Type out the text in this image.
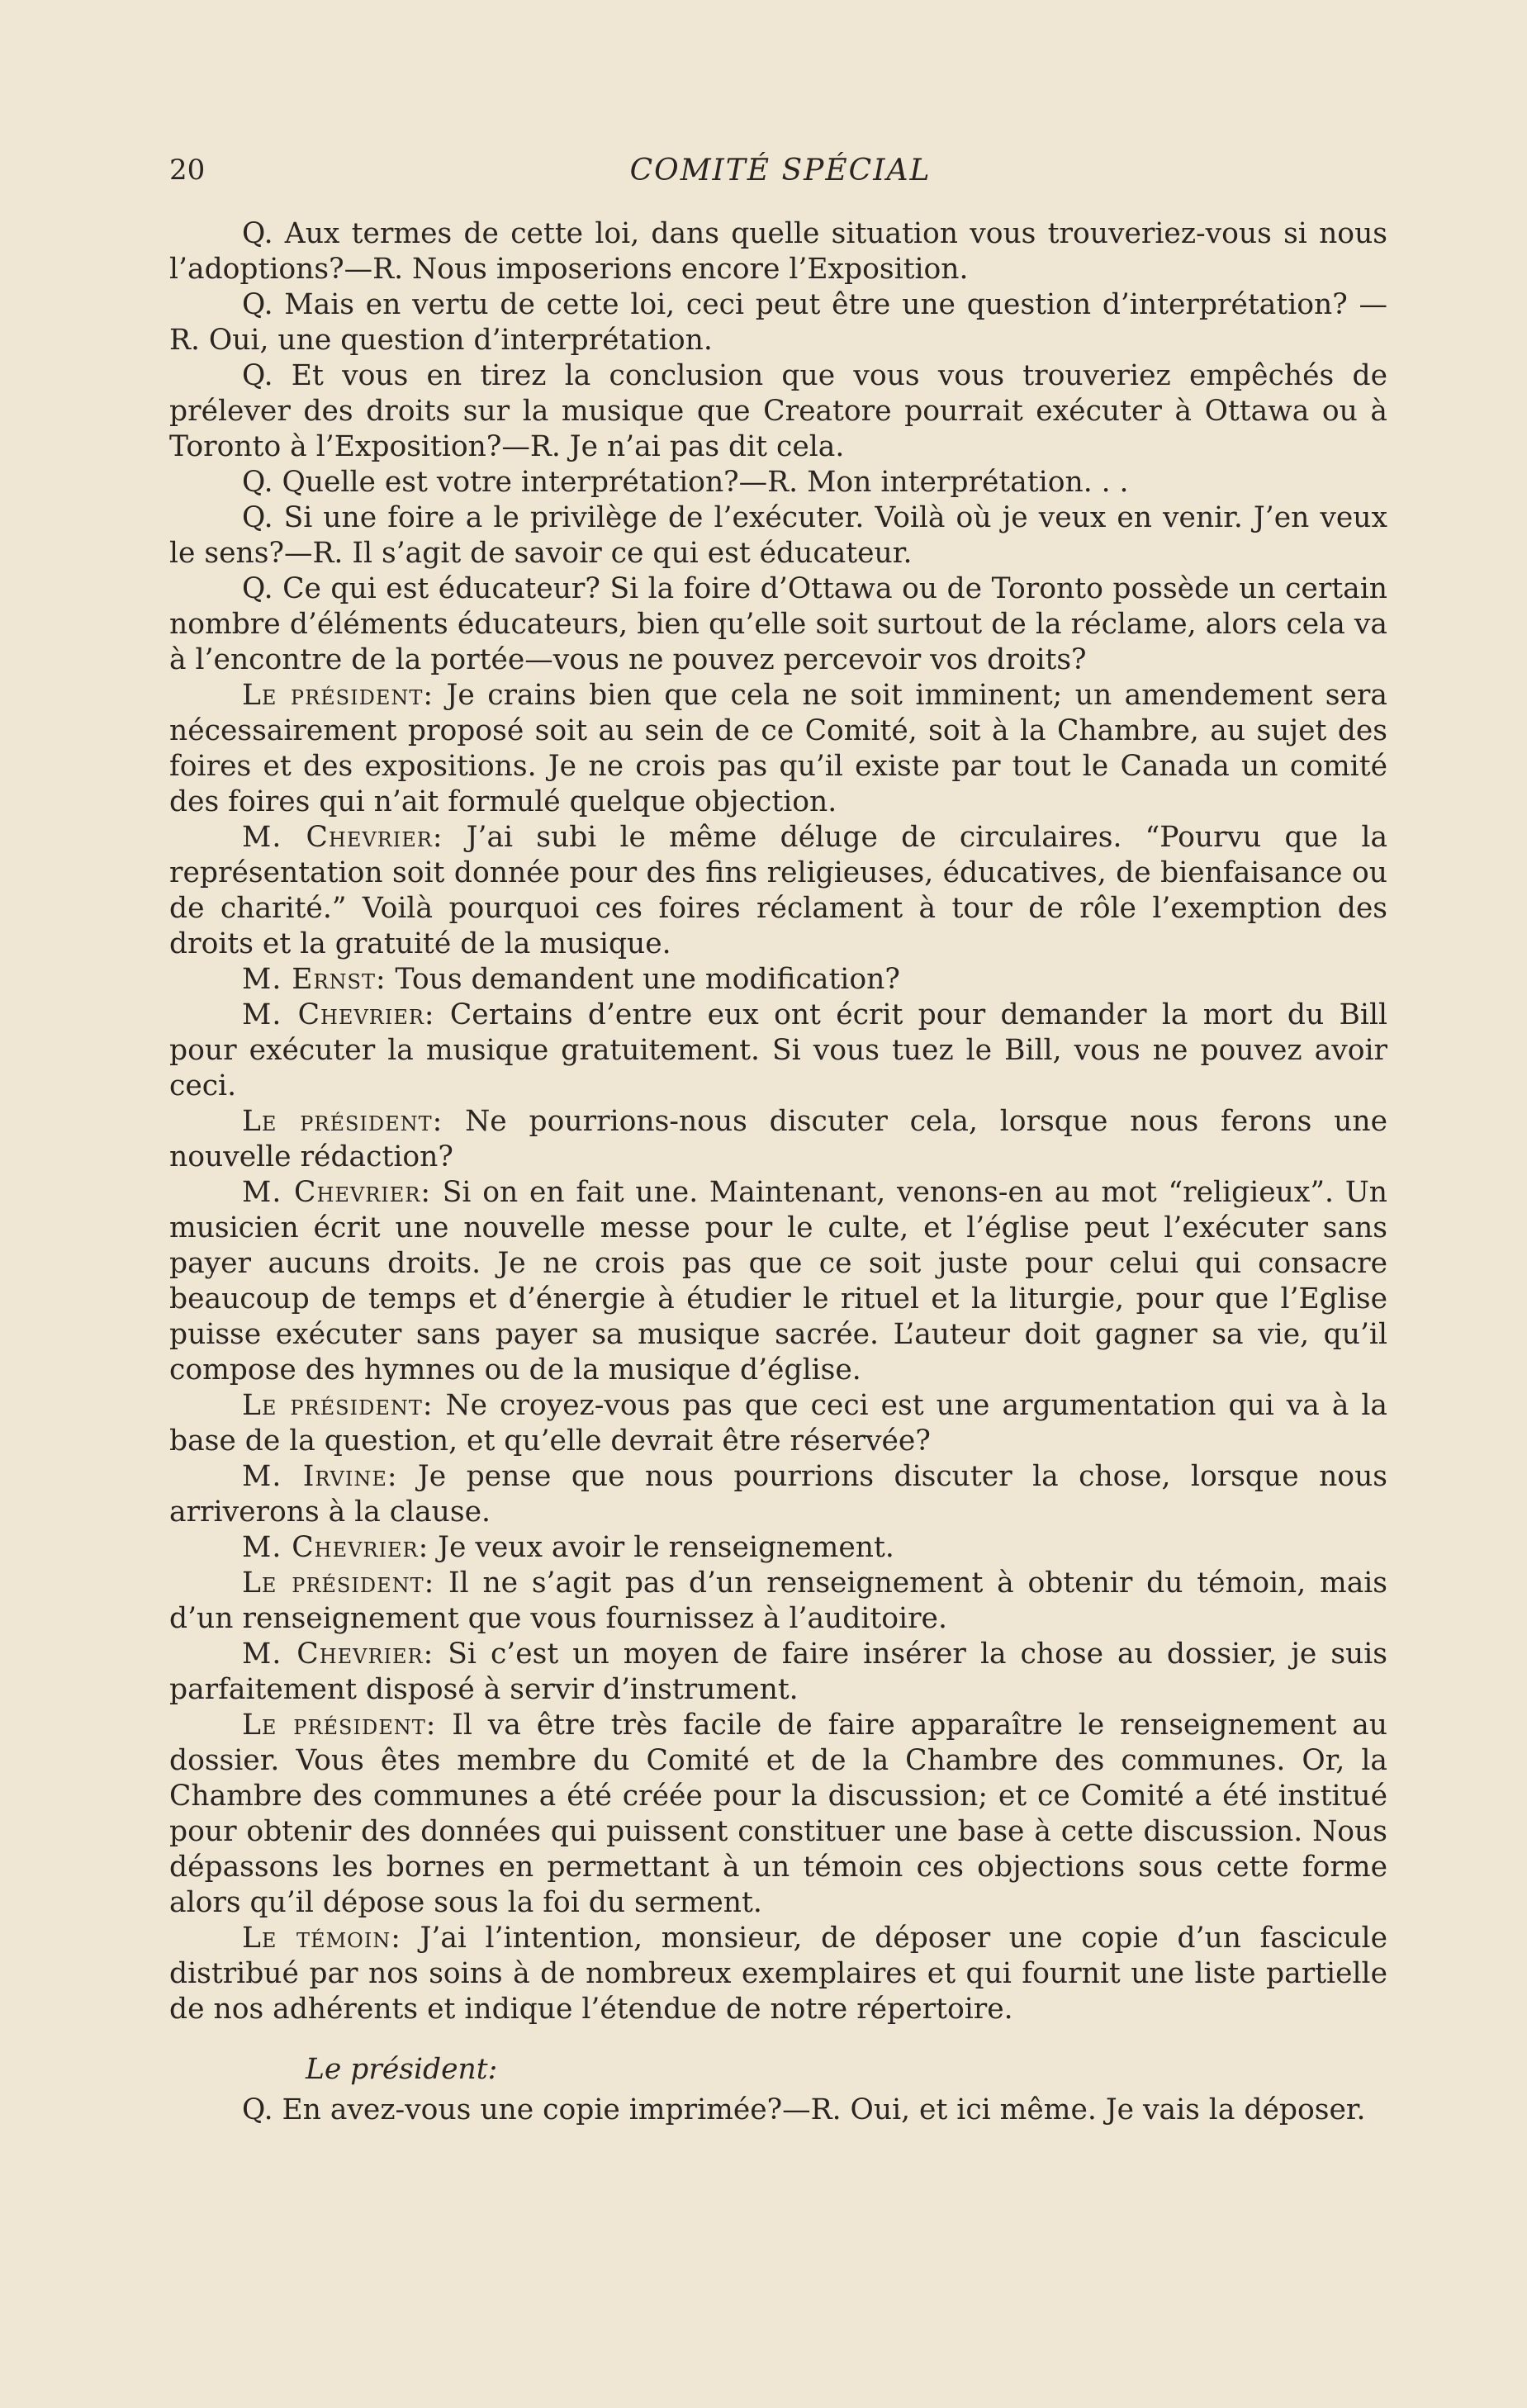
20	COMITÉ SPÉCIAL

Q. Aux termes de cette loi, dans quelle situation vous trouveriez-vous si nous l’adoptions?—R. Nous imposerions encore l’Exposition.

Q. Mais en vertu de cette loi, ceci peut être une question d’interprétation? —R. Oui, une question d’interprétation.

Q. Et vous en tirez la conclusion que vous vous trouveriez empêchés de prélever des droits sur la musique que Creatore pourrait exécuter à Ottawa ou à Toronto à l’Exposition?—R. Je n’ai pas dit cela.

Q. Quelle est votre interprétation?—R. Mon interprétation. . .

Q. Si une foire a le privilège de l’exécuter. Voilà où je veux en venir. J’en veux le sens?—R. Il s’agit de savoir ce qui est éducateur.

Q. Ce qui est éducateur? Si la foire d’Ottawa ou de Toronto possède un certain nombre d’éléments éducateurs, bien qu’elle soit surtout de la réclame, alors cela va à l’encontre de la portée—vous ne pouvez percevoir vos droits?

Le président: Je crains bien que cela ne soit imminent; un amendement sera nécessairement proposé soit au sein de ce Comité, soit à la Chambre, au sujet des foires et des expositions. Je ne crois pas qu’il existe par tout le Canada un comité des foires qui n’ait formulé quelque objection.

M. Chevrier: J’ai subi le même déluge de circulaires. “Pourvu que la représentation soit donnée pour des fins religieuses, éducatives, de bienfaisance ou de charité.” Voilà pourquoi ces foires réclament à tour de rôle l’exemption des droits et la gratuité de la musique.

M. Ernst: Tous demandent une modification?

M. Chevrier: Certains d’entre eux ont écrit pour demander la mort du Bill pour exécuter la musique gratuitement. Si vous tuez le Bill, vous ne pouvez avoir ceci.

Le président: Ne pourrions-nous discuter cela, lorsque nous ferons une nouvelle rédaction?

M. Chevrier: Si on en fait une. Maintenant, venons-en au mot “religieux”. Un musicien écrit une nouvelle messe pour le culte, et l’église peut l’exécuter sans payer aucuns droits. Je ne crois pas que ce soit juste pour celui qui consacre beaucoup de temps et d’énergie à étudier le rituel et la liturgie, pour que l’Eglise puisse exécuter sans payer sa musique sacrée. L’auteur doit gagner sa vie, qu’il compose des hymnes ou de la musique d’église.

Le président: Ne croyez-vous pas que ceci est une argumentation qui va à la base de la question, et qu’elle devrait être réservée?

M. Irvine: Je pense que nous pourrions discuter la chose, lorsque nous arriverons à la clause.

M. Chevrier: Je veux avoir le renseignement.

Le président: Il ne s’agit pas d’un renseignement à obtenir du témoin, mais d’un renseignement que vous fournissez à l’auditoire.

M. Chevrier: Si c’est un moyen de faire insérer la chose au dossier, je suis parfaitement disposé à servir d’instrument.

Le président: Il va être très facile de faire apparaître le renseignement au dossier. Vous êtes membre du Comité et de la Chambre des communes. Or, la Chambre des communes a été créée pour la discussion; et ce Comité a été institué pour obtenir des données qui puissent constituer une base à cette discussion. Nous dépassons les bornes en permettant à un témoin ces objections sous cette forme alors qu’il dépose sous la foi du serment.

Le témoin: J’ai l’intention, monsieur, de déposer une copie d’un fascicule distribué par nos soins à de nombreux exemplaires et qui fournit une liste partielle de nos adhérents et indique l’étendue de notre répertoire.

Le président:

Q. En avez-vous une copie imprimée?—R. Oui, et ici même. Je vais la déposer.
